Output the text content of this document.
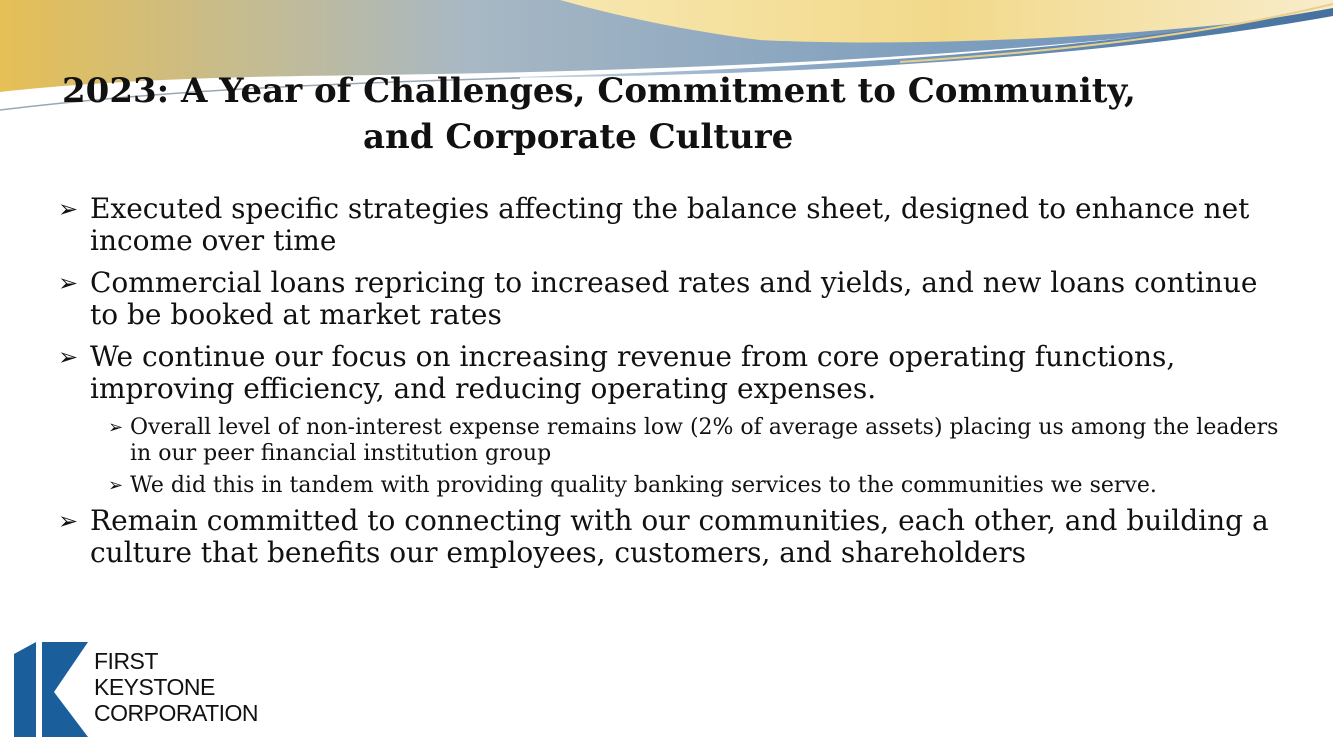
2023: A Year of Challenges, Commitment to Community,
and Corporate Culture
➢ Executed specific strategies affecting the balance sheet, designed to enhance net income over time
➢ Commercial loans repricing to increased rates and yields, and new loans continue to be booked at market rates
➢ We continue our focus on increasing revenue from core operating functions, improving efficiency, and reducing operating expenses.
➢ Overall level of non-interest expense remains low (2% of average assets) placing us among the leaders in our peer financial institution group
➢ We did this in tandem with providing quality banking services to the communities we serve.
➢ Remain committed to connecting with our communities, each other, and building a culture that benefits our employees, customers, and shareholders
FIRST
KEYSTONE
CORPORATION
